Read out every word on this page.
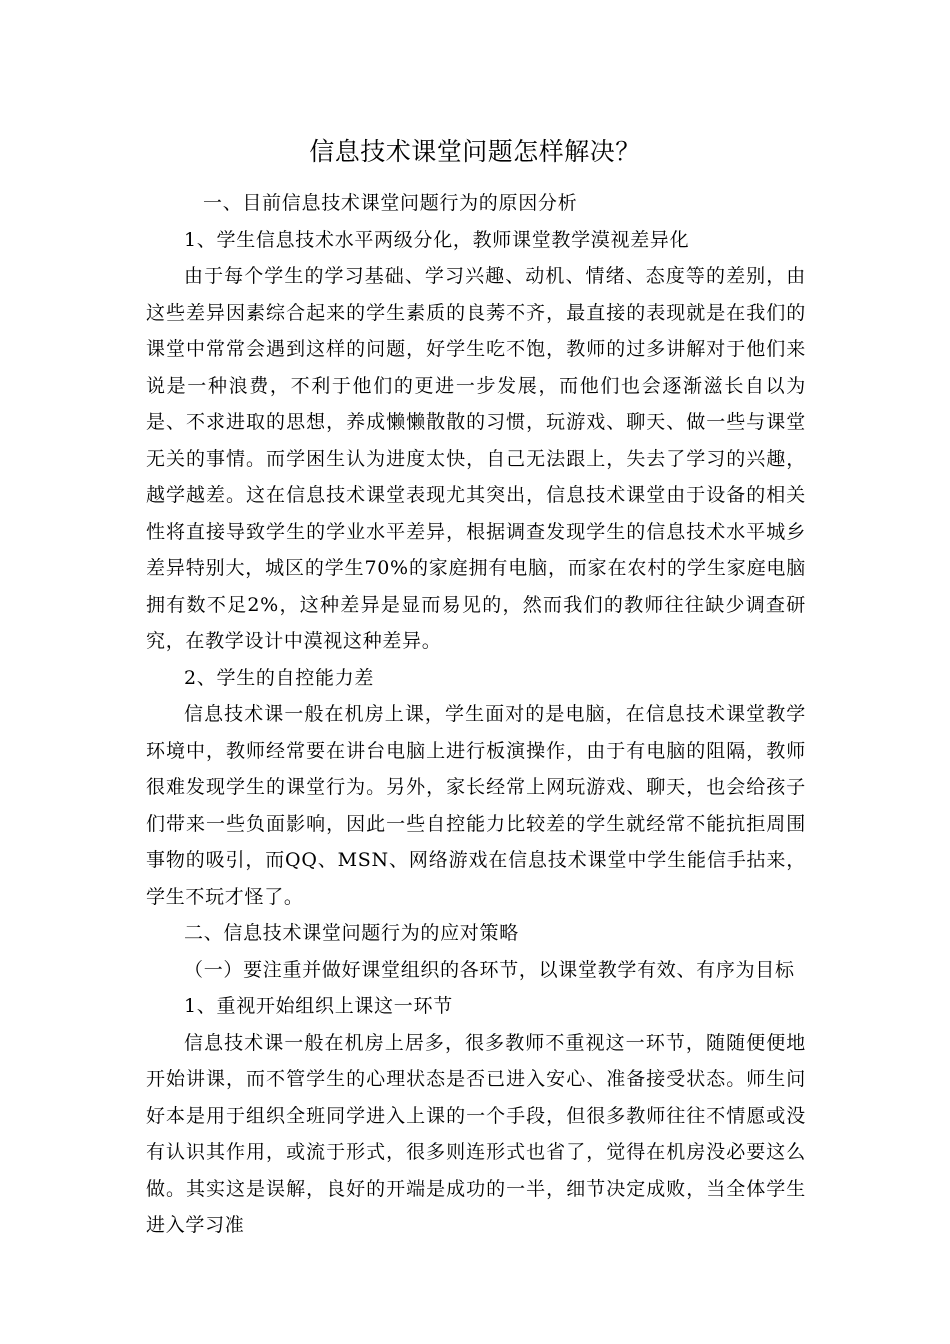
信息技术课堂问题怎样解决？

一、目前信息技术课堂问题行为的原因分析

1、学生信息技术水平两级分化，教师课堂教学漠视差异化

由于每个学生的学习基础、学习兴趣、动机、情绪、态度等的差别，由这些差异因素综合起来的学生素质的良莠不齐，最直接的表现就是在我们的课堂中常常会遇到这样的问题，好学生吃不饱，教师的过多讲解对于他们来说是一种浪费，不利于他们的更进一步发展，而他们也会逐渐滋长自以为是、不求进取的思想，养成懒懒散散的习惯，玩游戏、聊天、做一些与课堂无关的事情。而学困生认为进度太快，自己无法跟上，失去了学习的兴趣，越学越差。这在信息技术课堂表现尤其突出，信息技术课堂由于设备的相关性将直接导致学生的学业水平差异，根据调查发现学生的信息技术水平城乡差异特别大，城区的学生70%的家庭拥有电脑，而家在农村的学生家庭电脑拥有数不足2%，这种差异是显而易见的，然而我们的教师往往缺少调查研究，在教学设计中漠视这种差异。

2、学生的自控能力差

信息技术课一般在机房上课，学生面对的是电脑，在信息技术课堂教学环境中，教师经常要在讲台电脑上进行板演操作，由于有电脑的阻隔，教师很难发现学生的课堂行为。另外，家长经常上网玩游戏、聊天，也会给孩子们带来一些负面影响，因此一些自控能力比较差的学生就经常不能抗拒周围事物的吸引，而QQ、MSN、网络游戏在信息技术课堂中学生能信手拈来，学生不玩才怪了。

二、信息技术课堂问题行为的应对策略

（一）要注重并做好课堂组织的各环节，以课堂教学有效、有序为目标

1、重视开始组织上课这一环节

信息技术课一般在机房上居多，很多教师不重视这一环节，随随便便地开始讲课，而不管学生的心理状态是否已进入安心、准备接受状态。师生问好本是用于组织全班同学进入上课的一个手段，但很多教师往往不情愿或没有认识其作用，或流于形式，很多则连形式也省了，觉得在机房没必要这么做。其实这是误解，良好的开端是成功的一半，细节决定成败，当全体学生进入学习准
